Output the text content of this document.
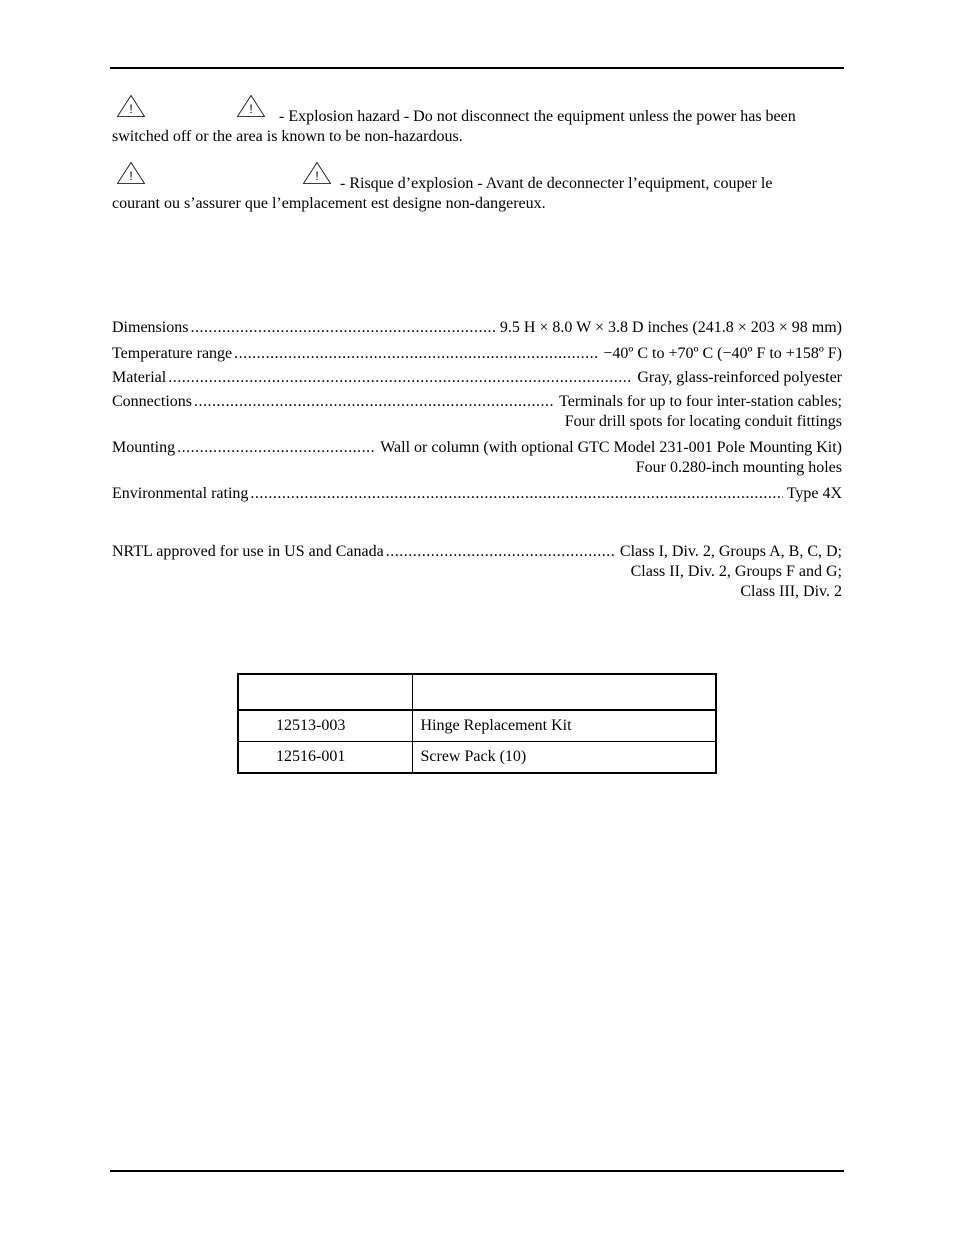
!	!	- Explosion hazard - Do not disconnect the equipment unless the power has been
switched off or the area is known to be non-hazardous.
!	!	- Risque d’explosion - Avant de deconnecter l’equipment, couper le
courant ou s’assurer que l’emplacement est designe non-dangereux.
Dimensions .....	9.5 H × 8.0 W × 3.8 D inches (241.8 × 203 × 98 mm)
Temperature range .....	−40º C to +70º C (−40º F to +158º F)
Material .....	Gray, glass-reinforced polyester
Connections .....	Terminals for up to four inter-station cables;
Four drill spots for locating conduit fittings
Mounting .....	Wall or column (with optional GTC Model 231-001 Pole Mounting Kit)
Four 0.280-inch mounting holes
Environmental rating .....	Type 4X
NRTL approved for use in US and Canada .....	Class I, Div. 2, Groups A, B, C, D;
Class II, Div. 2, Groups F and G;
Class III, Div. 2

12513-003	Hinge Replacement Kit
12516-001	Screw Pack (10)
